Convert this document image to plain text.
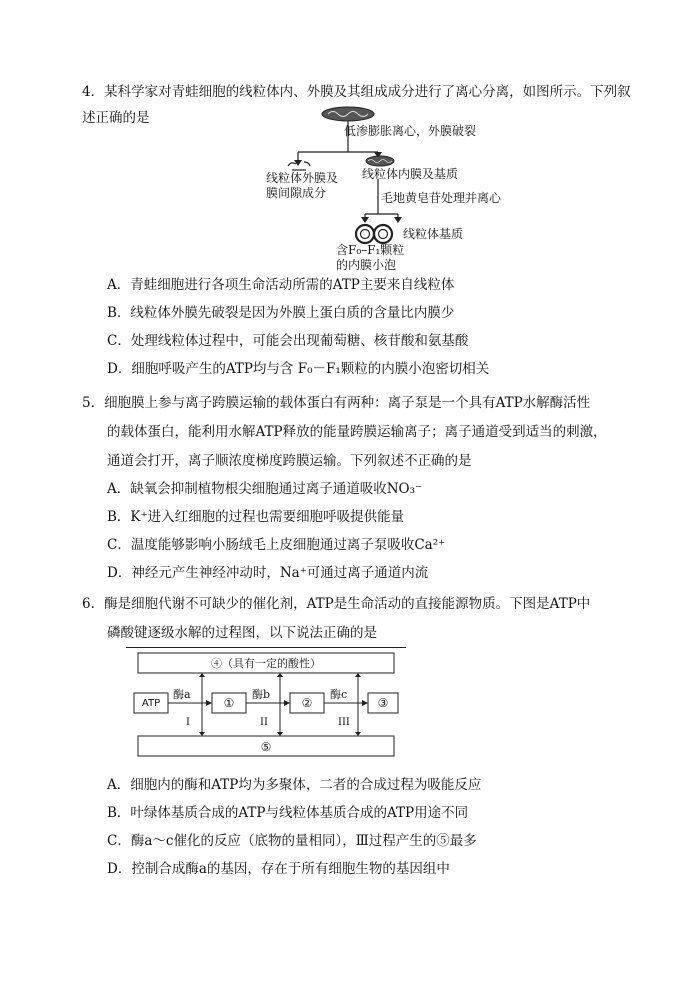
4．某科学家对青蛙细胞的线粒体内、外膜及其组成成分进行了离心分离，如图所示。下列叙
述正确的是
低渗膨胀离心，外膜破裂
线粒体外膜及
膜间隙成分
线粒体内膜及基质
毛地黄皂苷处理并离心
线粒体基质
含F₀–F₁颗粒
的内膜小泡
A．青蛙细胞进行各项生命活动所需的ATP主要来自线粒体
B．线粒体外膜先破裂是因为外膜上蛋白质的含量比内膜少
C．处理线粒体过程中，可能会出现葡萄糖、核苷酸和氨基酸
D．细胞呼吸产生的ATP均与含 F₀－F₁颗粒的内膜小泡密切相关
5．细胞膜上参与离子跨膜运输的载体蛋白有两种：离子泵是一个具有ATP水解酶活性
的载体蛋白，能利用水解ATP释放的能量跨膜运输离子；离子通道受到适当的刺激，
通道会打开，离子顺浓度梯度跨膜运输。下列叙述不正确的是
A．缺氧会抑制植物根尖细胞通过离子通道吸收NO₃⁻
B．K⁺进入红细胞的过程也需要细胞呼吸提供能量
C．温度能够影响小肠绒毛上皮细胞通过离子泵吸收Ca²⁺
D．神经元产生神经冲动时，Na⁺可通过离子通道内流
6．酶是细胞代谢不可缺少的催化剂，ATP是生命活动的直接能源物质。下图是ATP中
磷酸键逐级水解的过程图，以下说法正确的是
④（具有一定的酸性）
⑤
ATP	①	②	③
酶a	酶b	酶c
I	II	III
A．细胞内的酶和ATP均为多聚体，二者的合成过程为吸能反应
B．叶绿体基质合成的ATP与线粒体基质合成的ATP用途不同
C．酶a～c催化的反应（底物的量相同），Ⅲ过程产生的⑤最多
D．控制合成酶a的基因，存在于所有细胞生物的基因组中
